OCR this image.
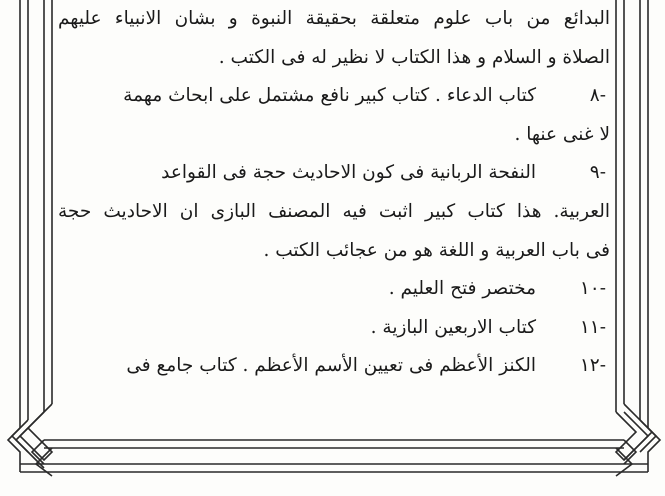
البدائع من باب علوم متعلقة بحقيقة النبوة و بشان الانبياء عليهم
الصلاة و السلام و هذا الكتاب لا نظير له فى الكتب .
-٨كتاب الدعاء . كتاب كبير نافع مشتمل على ابحاث مهمة
لا غنى عنها .
-٩النفحة الربانية فى كون الاحاديث حجة فى القواعد
العربية. هذا كتاب كبير اثبت فيه المصنف البازى ان الاحاديث حجة
فى باب العربية و اللغة هو من عجائب الكتب .
-١٠مختصر فتح العليم .
-١١كتاب الاربعين البازية .
-١٢الكنز الأعظم فى تعيين الأسم الأعظم . كتاب جامع فى
